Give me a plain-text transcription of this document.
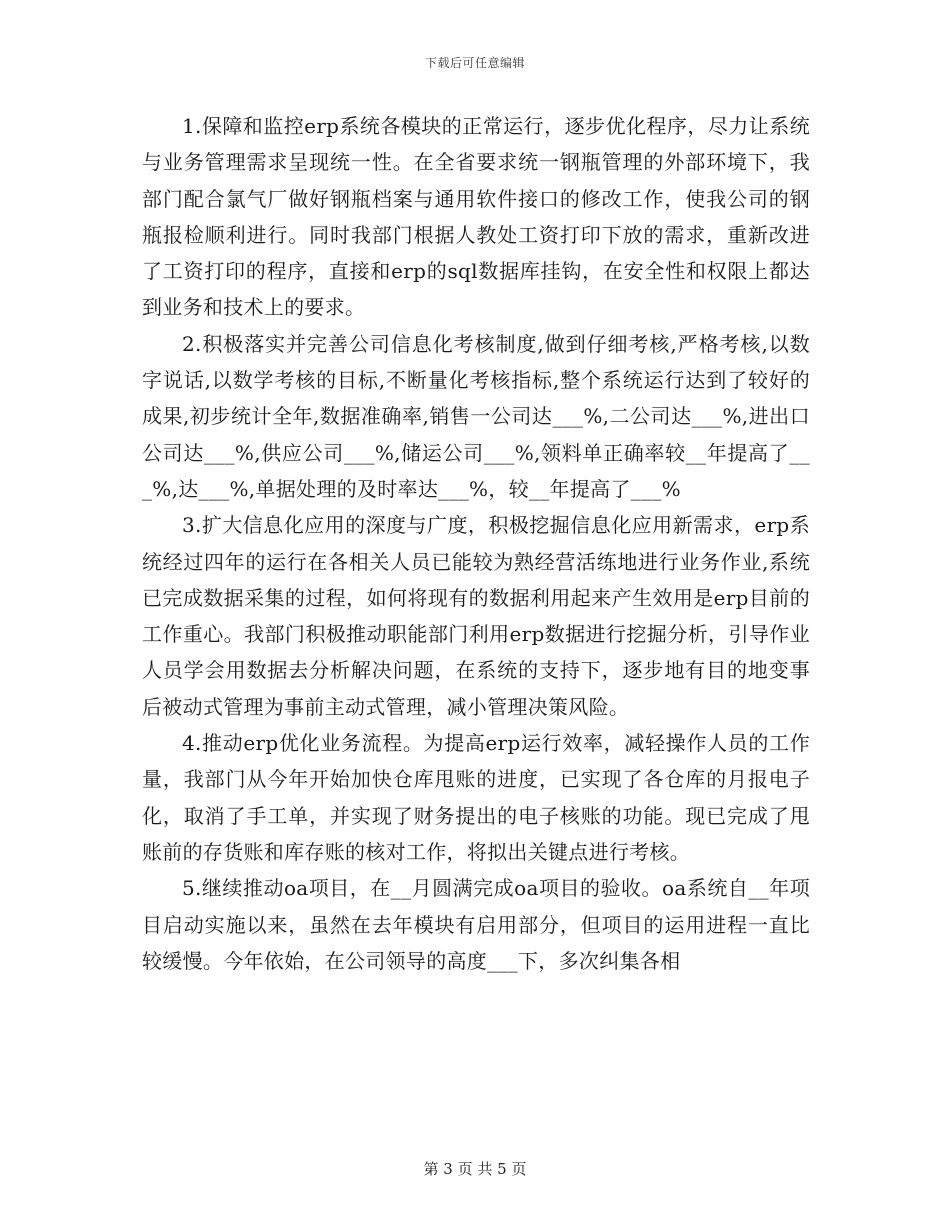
下载后可任意编辑

1.保障和监控erp系统各模块的正常运行，逐步优化程序，尽力让系统与业务管理需求呈现统一性。在全省要求统一钢瓶管理的外部环境下，我部门配合氯气厂做好钢瓶档案与通用软件接口的修改工作，使我公司的钢瓶报检顺利进行。同时我部门根据人教处工资打印下放的需求，重新改进了工资打印的程序，直接和erp的sql数据库挂钩，在安全性和权限上都达到业务和技术上的要求。

2.积极落实并完善公司信息化考核制度,做到仔细考核,严格考核,以数字说话,以数学考核的目标,不断量化考核指标,整个系统运行达到了较好的成果,初步统计全年,数据准确率,销售一公司达___%,二公司达___%,进出口公司达___%,供应公司___%,储运公司___%,领料单正确率较__年提高了___%,达___%,单据处理的及时率达___%，较__年提高了___%

3.扩大信息化应用的深度与广度，积极挖掘信息化应用新需求，erp系统经过四年的运行在各相关人员已能较为熟经营活练地进行业务作业,系统已完成数据采集的过程，如何将现有的数据利用起来产生效用是erp目前的工作重心。我部门积极推动职能部门利用erp数据进行挖掘分析，引导作业人员学会用数据去分析解决问题，在系统的支持下，逐步地有目的地变事后被动式管理为事前主动式管理，减小管理决策风险。

4.推动erp优化业务流程。为提高erp运行效率，减轻操作人员的工作量，我部门从今年开始加快仓库甩账的进度，已实现了各仓库的月报电子化，取消了手工单，并实现了财务提出的电子核账的功能。现已完成了甩账前的存货账和库存账的核对工作，将拟出关键点进行考核。

5.继续推动oa项目，在__月圆满完成oa项目的验收。oa系统自__年项目启动实施以来，虽然在去年模块有启用部分，但项目的运用进程一直比较缓慢。今年依始，在公司领导的高度___下，多次纠集各相

第 3 页 共 5 页
